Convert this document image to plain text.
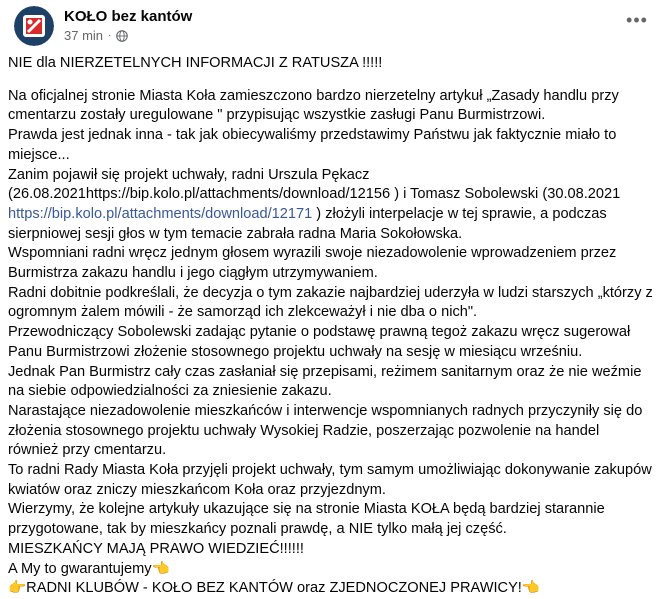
KOŁO bez kantów
37 min ·
•••

NIE dla NIERZETELNYCH INFORMACJI Z RATUSZA !!!!!

Na oficjalnej stronie Miasta Koła zamieszczono bardzo nierzetelny artykuł „Zasady handlu przy cmentarzu zostały uregulowane " przypisując wszystkie zasługi Panu Burmistrzowi.

Prawda jest jednak inna - tak jak obiecywaliśmy przedstawimy Państwu jak faktycznie miało to miejsce...

Zanim pojawił się projekt uchwały, radni Urszula Pękacz (26.08.2021https://bip.kolo.pl/attachments/download/12156 ) i Tomasz Sobolewski (30.08.2021

https://bip.kolo.pl/attachments/download/12171 ) złożyli interpelacje w tej sprawie, a podczas sierpniowej sesji głos w tym temacie zabrała radna Maria Sokołowska.

Wspomniani radni wręcz jednym głosem wyrazili swoje niezadowolenie wprowadzeniem przez Burmistrza zakazu handlu i jego ciągłym utrzymywaniem.

Radni dobitnie podkreślali, że decyzja o tym zakazie najbardziej uderzyła w ludzi starszych „którzy z ogromnym żalem mówili - że samorząd ich zlekceważył i nie dba o nich".

Przewodniczący Sobolewski zadając pytanie o podstawę prawną tegoż zakazu wręcz sugerował Panu Burmistrzowi złożenie stosownego projektu uchwały na sesję w miesiącu wrześniu.

Jednak Pan Burmistrz cały czas zasłaniał się przepisami, reżimem sanitarnym oraz że nie weźmie na siebie odpowiedzialności za zniesienie zakazu.

Narastające niezadowolenie mieszkańców i interwencje wspomnianych radnych przyczyniły się do złożenia stosownego projektu uchwały Wysokiej Radzie, poszerzając pozwolenie na handel również przy cmentarzu.

To radni Rady Miasta Koła przyjęli projekt uchwały, tym samym umożliwiając dokonywanie zakupów kwiatów oraz zniczy mieszkańcom Koła oraz przyjezdnym.

Wierzymy, że kolejne artykuły ukazujące się na stronie Miasta KOŁA będą bardziej starannie przygotowane, tak by mieszkańcy poznali prawdę, a NIE tylko małą jej część.

MIESZKAŃCY MAJĄ PRAWO WIEDZIEĆ!!!!!!

A My to gwarantujemy👈

👉RADNI KLUBÓW - KOŁO BEZ KANTÓW oraz ZJEDNOCZONEJ PRAWICY!👈
